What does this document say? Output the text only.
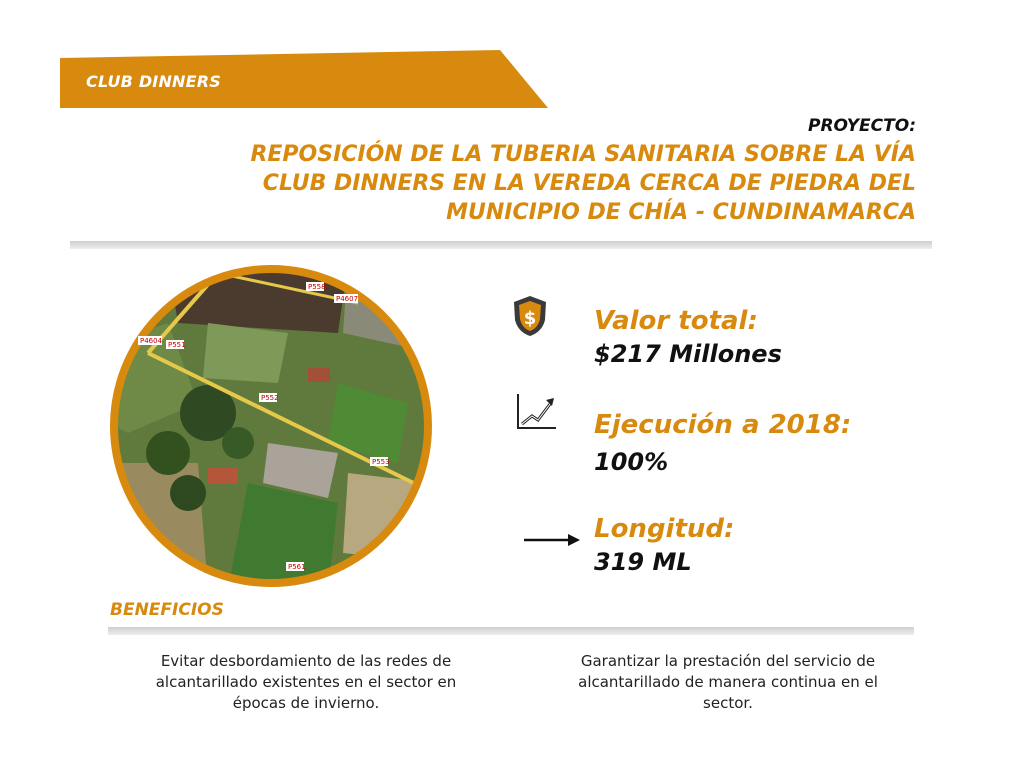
CLUB DINNERS
PROYECTO:
REPOSICIÓN DE LA TUBERIA SANITARIA SOBRE LA VÍA
CLUB DINNERS EN LA VEREDA CERCA DE PIEDRA DEL
MUNICIPIO DE CHÍA - CUNDINAMARCA
P4604 P551
P558
P4607
P552
P553
P561
$ Valor total:
$217 Millones
Ejecución a 2018:
100%
Longitud:
319 ML
BENEFICIOS
Evitar desbordamiento de las redes de alcantarillado existentes en el sector en épocas de invierno.
Garantizar la prestación del servicio de alcantarillado de manera continua en el sector.
